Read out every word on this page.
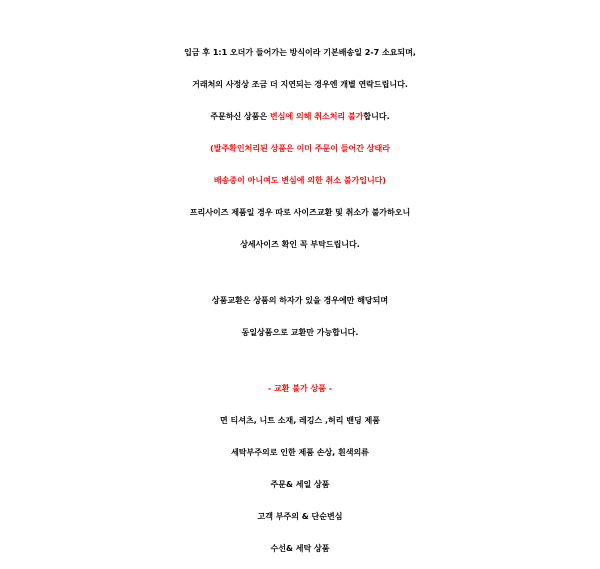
입금 후 1:1 오더가 들어가는 방식이라 기본배송일 2-7 소요되며,
거래처의 사정상 조금 더 지연되는 경우엔 개별 연락드립니다.
주문하신 상품은 변심에 의해 취소처리 불가합니다.
(발주확인처리된 상품은 이미 주문이 들어간 상태라
배송중이 아니여도 변심에 의한 취소 불가입니다)
프리사이즈 제품일 경우 따로 사이즈교환 및 취소가 불가하오니
상세사이즈 확인 꼭 부탁드립니다.
상품교환은 상품의 하자가 있을 경우에만 해당되며
동일상품으로 교환만 가능합니다.
- 교환 불가 상품 -
면 티셔츠, 니트 소재, 레깅스 ,허리 밴딩 제품
세탁부주의로 인한 제품 손상, 흰색의류
주문& 세일 상품
고객 부주의 & 단순변심
수선& 세탁 상품
